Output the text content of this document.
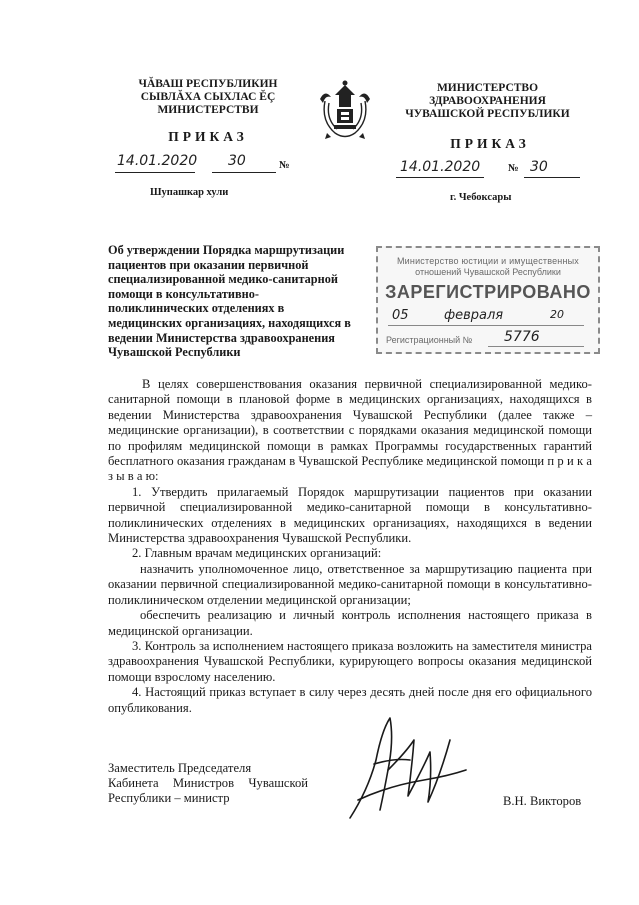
ЧĂВАШ РЕСПУБЛИКИН
СЫВЛĂХА СЫХЛАС ĔÇ
МИНИСТЕРСТВИ
МИНИСТЕРСТВО
ЗДРАВООХРАНЕНИЯ
ЧУВАШСКОЙ РЕСПУБЛИКИ
ПРИКАЗ	ПРИКАЗ
14.01.2020 30	№	14.01.2020	№ 30
Шупашкар хули	г. Чебоксары
Об утверждении Порядка маршрутизации пациентов при оказании первичной специализированной медико-санитарной помощи в консультативно-поликлинических отделениях в медицинских организациях, находящихся в ведении Министерства здравоохранения Чувашской Республики
Министерство юстиции и имущественных
отношений Чувашской Республики
ЗАРЕГИСТРИРОВАНО
05	февраля	20
Регистрационный № 5776

В целях совершенствования оказания первичной специализированной медико-санитарной помощи в плановой форме в медицинских организациях, находящихся в ведении Министерства здравоохранения Чувашской Республики (далее также – медицинские организации), в соответствии с порядками оказания медицинской помощи по профилям медицинской помощи в рамках Программы государственных гарантий бесплатного оказания гражданам в Чувашской Республике медицинской помощи п р и к а з ы в а ю:

1. Утвердить прилагаемый Порядок маршрутизации пациентов при оказании первичной специализированной медико-санитарной помощи в консультативно-поликлинических отделениях в медицинских организациях, находящихся в ведении Министерства здравоохранения Чувашской Республики.

2. Главным врачам медицинских организаций:

назначить уполномоченное лицо, ответственное за маршрутизацию пациента при оказании первичной специализированной медико-санитарной помощи в консультативно-поликлиническом отделении медицинской организации;

обеспечить реализацию и личный контроль исполнения настоящего приказа в медицинской организации.

3. Контроль за исполнением настоящего приказа возложить на заместителя министра здравоохранения Чувашской Республики, курирующего вопросы оказания медицинской помощи взрослому населению.

4. Настоящий приказ вступает в силу через десять дней после дня его официального опубликования.

Заместитель Председателя
Кабинета Министров Чувашской
Республики – министр	В.Н. Викторов
